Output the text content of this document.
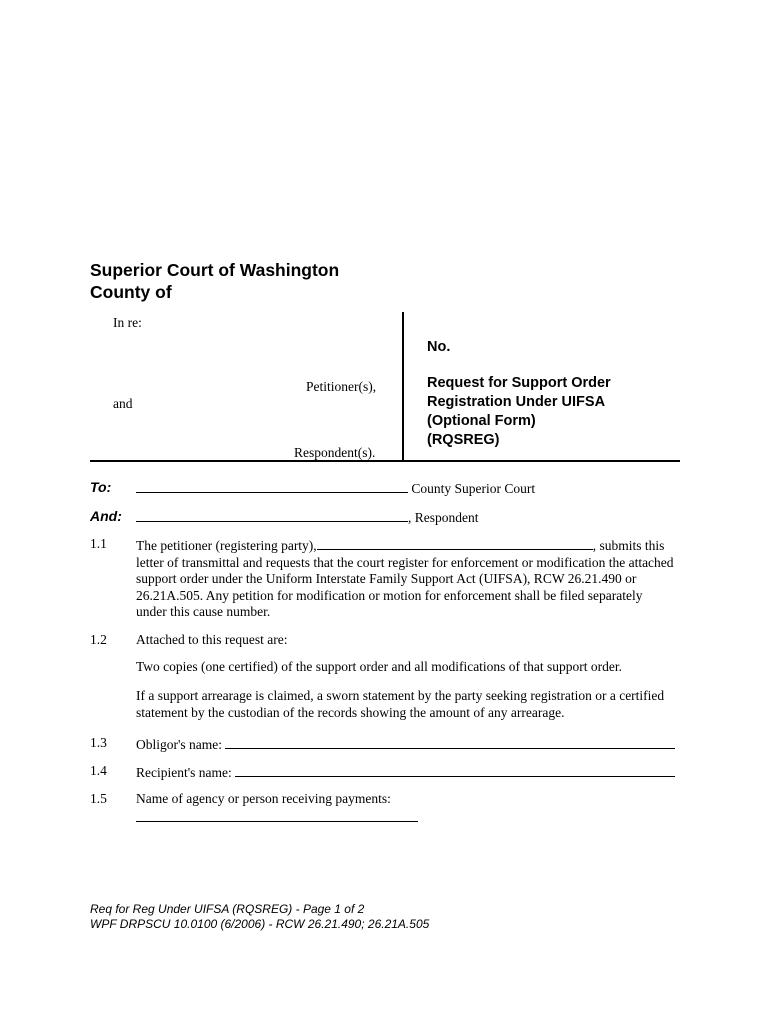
Superior Court of Washington
County of
In re:
Petitioner(s),
and
Respondent(s).
No.
Request for Support Order
Registration Under UIFSA
(Optional Form)
(RQSREG)
To:	County Superior Court
And:	, Respondent
1.1 The petitioner (registering party),	, submits this letter of transmittal and requests that the court register for enforcement or modification the attached support order under the Uniform Interstate Family Support Act (UIFSA), RCW 26.21.490 or 26.21A.505. Any petition for modification or motion for enforcement shall be filed separately under this cause number.
1.2 Attached to this request are:
Two copies (one certified) of the support order and all modifications of that support order.
If a support arrearage is claimed, a sworn statement by the party seeking registration or a certified statement by the custodian of the records showing the amount of any arrearage.
1.3 Obligor's name:
1.4 Recipient's name:
1.5 Name of agency or person receiving payments:
Req for Reg Under UIFSA (RQSREG) - Page 1 of 2
WPF DRPSCU 10.0100 (6/2006) - RCW 26.21.490; 26.21A.505
